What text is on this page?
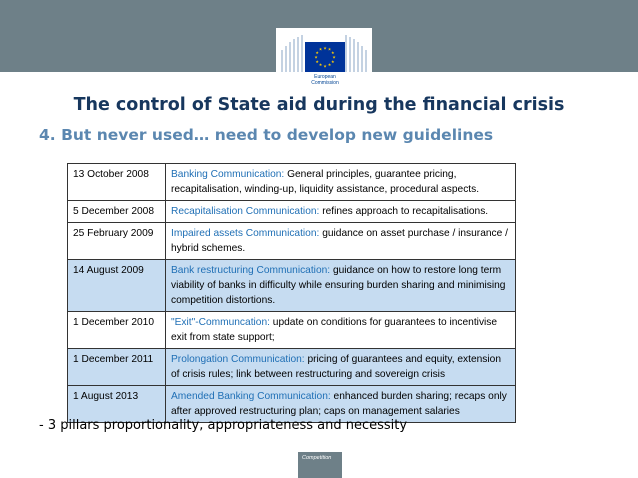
★ ★
★
★
★
★
★
★
★
★
★
★
European
Commission
The control of State aid during the financial crisis
4. But never used… need to develop new guidelines
13 October 2008	Banking Communication: General principles, guarantee pricing, recapitalisation, winding-up, liquidity assistance, procedural aspects.
5 December 2008	Recapitalisation Communication: refines approach to recapitalisations.
25 February 2009	Impaired assets Communication: guidance on asset purchase / insurance / hybrid schemes.
14 August 2009	Bank restructuring Communication: guidance on how to restore long term viability of banks in difficulty while ensuring burden sharing and minimising competition distortions.
1 December 2010	"Exit"-Communcation: update on conditions for guarantees to incentivise exit from state support;
1 December 2011	Prolongation Communication: pricing of guarantees and equity, extension of crisis rules; link between restructuring and sovereign crisis
1 August 2013	Amended Banking Communication: enhanced burden sharing; recaps only after approved restructuring plan; caps on management salaries

- 3 pillars proportionality, appropriateness and necessity

Competition
